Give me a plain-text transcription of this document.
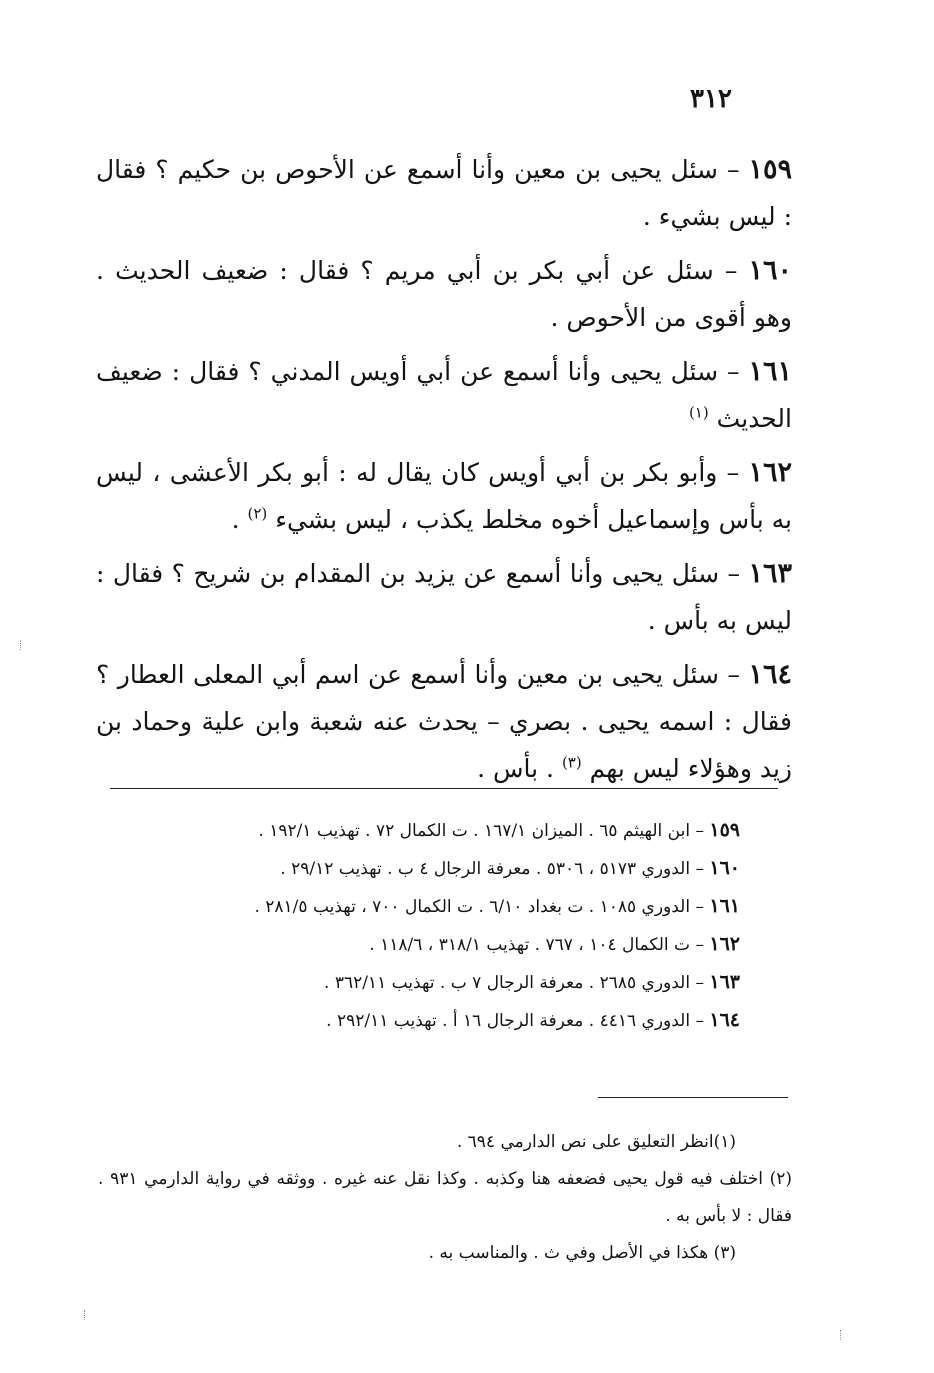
٣١٢

١٥٩ – سئل يحيى بن معين وأنا أسمع عن الأحوص بن حكيم ؟ فقال : ليس بشيء .

١٦٠ – سئل عن أبي بكر بن أبي مريم ؟ فقال : ضعيف الحديث . وهو أقوى من الأحوص .

١٦١ – سئل يحيى وأنا أسمع عن أبي أويس المدني ؟ فقال : ضعيف الحديث $^{(١)}$

١٦٢ – وأبو بكر بن أبي أويس كان يقال له : أبو بكر الأعشى ، ليس به بأس وإسماعيل أخوه مخلط يكذب ، ليس بشيء $^{(٢)}$ .

١٦٣ – سئل يحيى وأنا أسمع عن يزيد بن المقدام بن شريح ؟ فقال : ليس به بأس .

١٦٤ – سئل يحيى بن معين وأنا أسمع عن اسم أبي المعلى العطار ؟ فقال : اسمه يحيى . بصري – يحدث عنه شعبة وابن علية وحماد بن زيد وهؤلاء ليس بهم $^{(٣)}$ . بأس .

١٥٩ – ابن الهيثم ٦٥ . الميزان ١٦٧/١ . ت الكمال ٧٢ . تهذيب ١٩٢/١ .

١٦٠ – الدوري ٥١٧٣ ، ٥٣٠٦ . معرفة الرجال ٤ ب . تهذيب ٢٩/١٢ .

١٦١ – الدوري ١٠٨٥ . ت بغداد ٦/١٠ . ت الكمال ٧٠٠ ، تهذيب ٢٨١/٥ .

١٦٢ – ت الكمال ١٠٤ ، ٧٦٧ . تهذيب ٣١٨/١ ، ١١٨/٦ .

١٦٣ – الدوري ٢٦٨٥ . معرفة الرجال ٧ ب . تهذيب ٣٦٢/١١ .

١٦٤ – الدوري ٤٤١٦ . معرفة الرجال ١٦ أ . تهذيب ٢٩٢/١١ .

(١)انظر التعليق على نص الدارمي ٦٩٤ .

(٢) اختلف فيه قول يحيى فضعفه هنا وكذبه . وكذا نقل عنه غيره . ووثقه في رواية الدارمي ٩٣١ . فقال : لا بأس به .

(٣) هكذا في الأصل وفي ث . والمناسب به .
